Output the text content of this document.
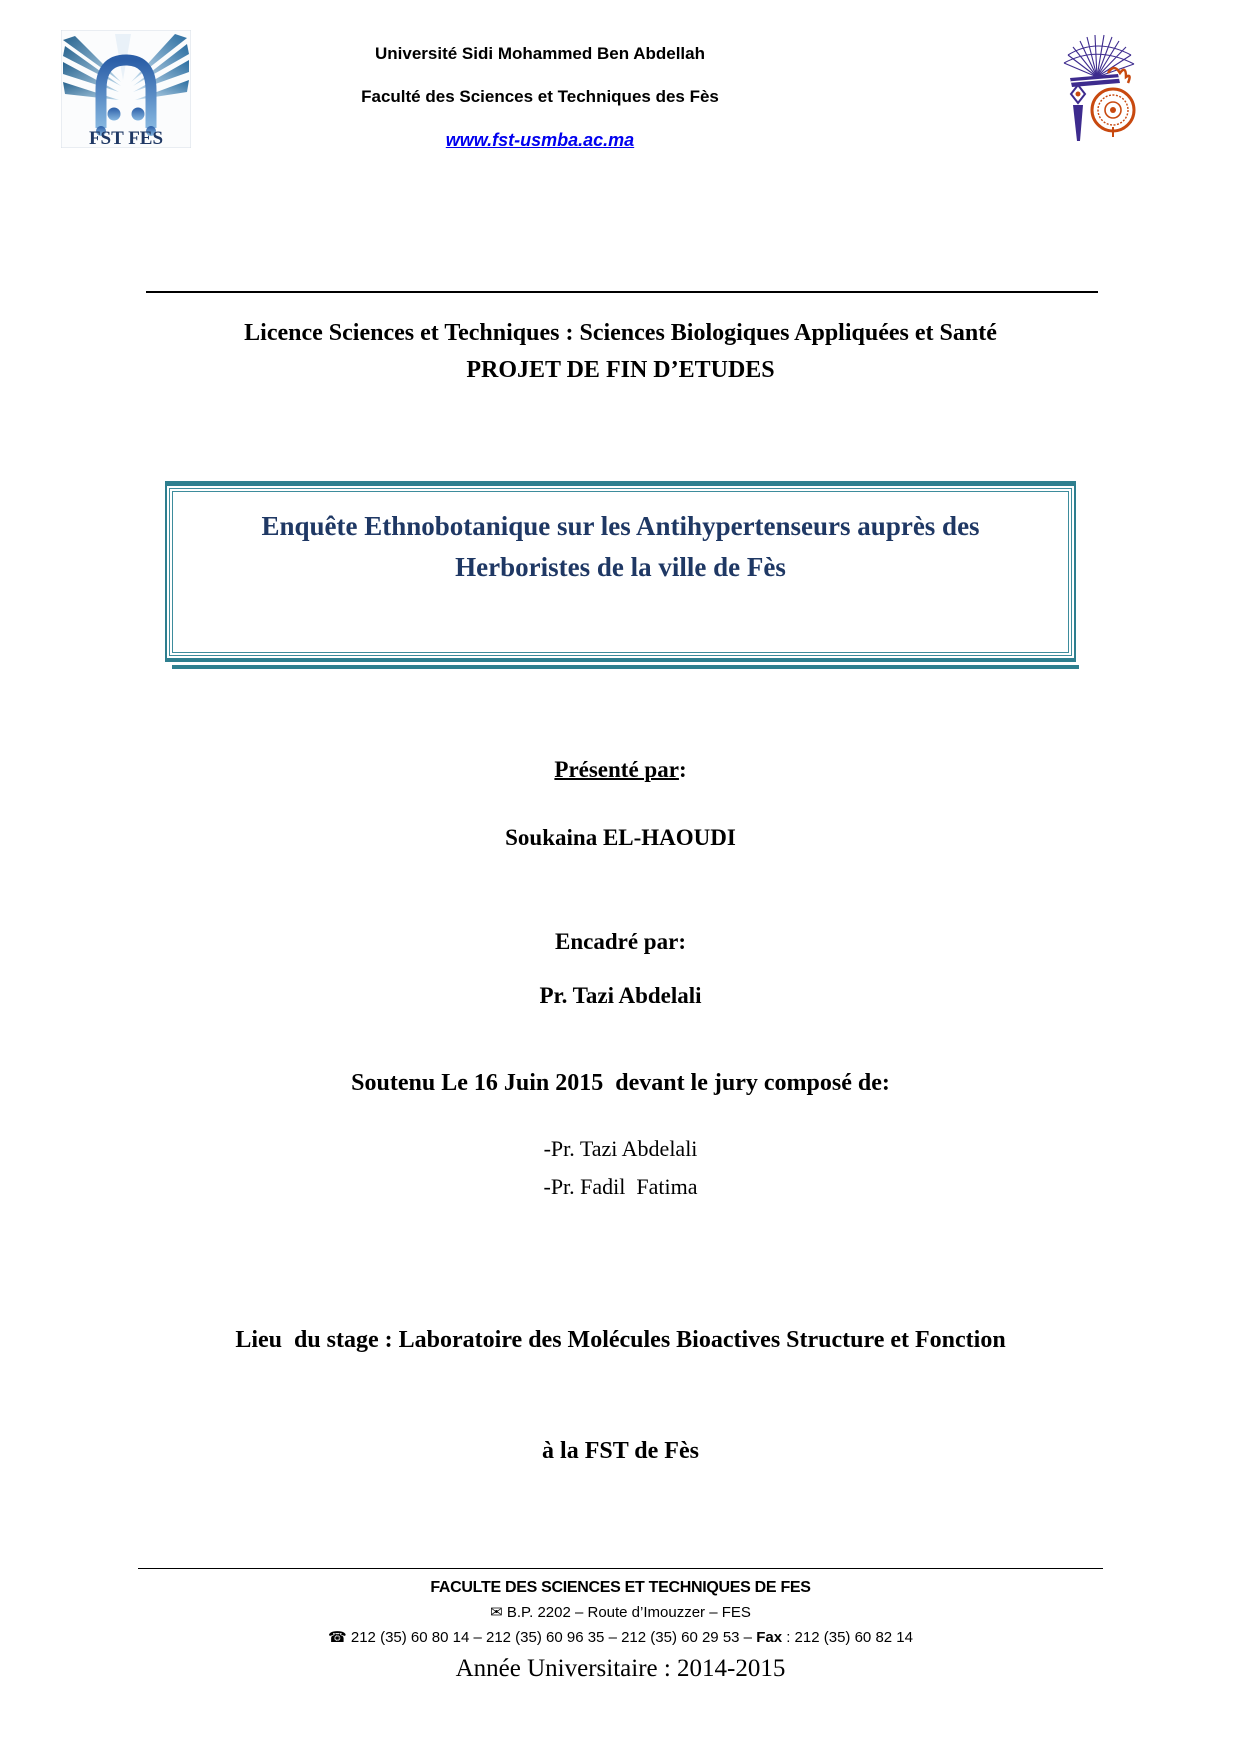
FST FES
Université Sidi Mohammed Ben Abdellah
Faculté des Sciences et Techniques des Fès
www.fst-usmba.ac.ma
Licence Sciences et Techniques : Sciences Biologiques Appliquées et Santé
PROJET DE FIN D’ETUDES
Enquête Ethnobotanique sur les Antihypertenseurs auprès des Herboristes de la ville de Fès
Présenté par:
Soukaina EL-HAOUDI
Encadré par:
Pr. Tazi Abdelali
Soutenu Le 16 Juin 2015  devant le jury composé de:
-Pr. Tazi Abdelali
-Pr. Fadil  Fatima

Lieu  du stage : Laboratoire des Molécules Bioactives Structure et Fonction

à la FST de Fès

Année Universitaire : 2014-2015
FACULTE DES SCIENCES ET TECHNIQUES DE FES
✉ B.P. 2202 – Route d’Imouzzer – FES
☎ 212 (35) 60 80 14 – 212 (35) 60 96 35 – 212 (35) 60 29 53 – Fax : 212 (35) 60 82 14
